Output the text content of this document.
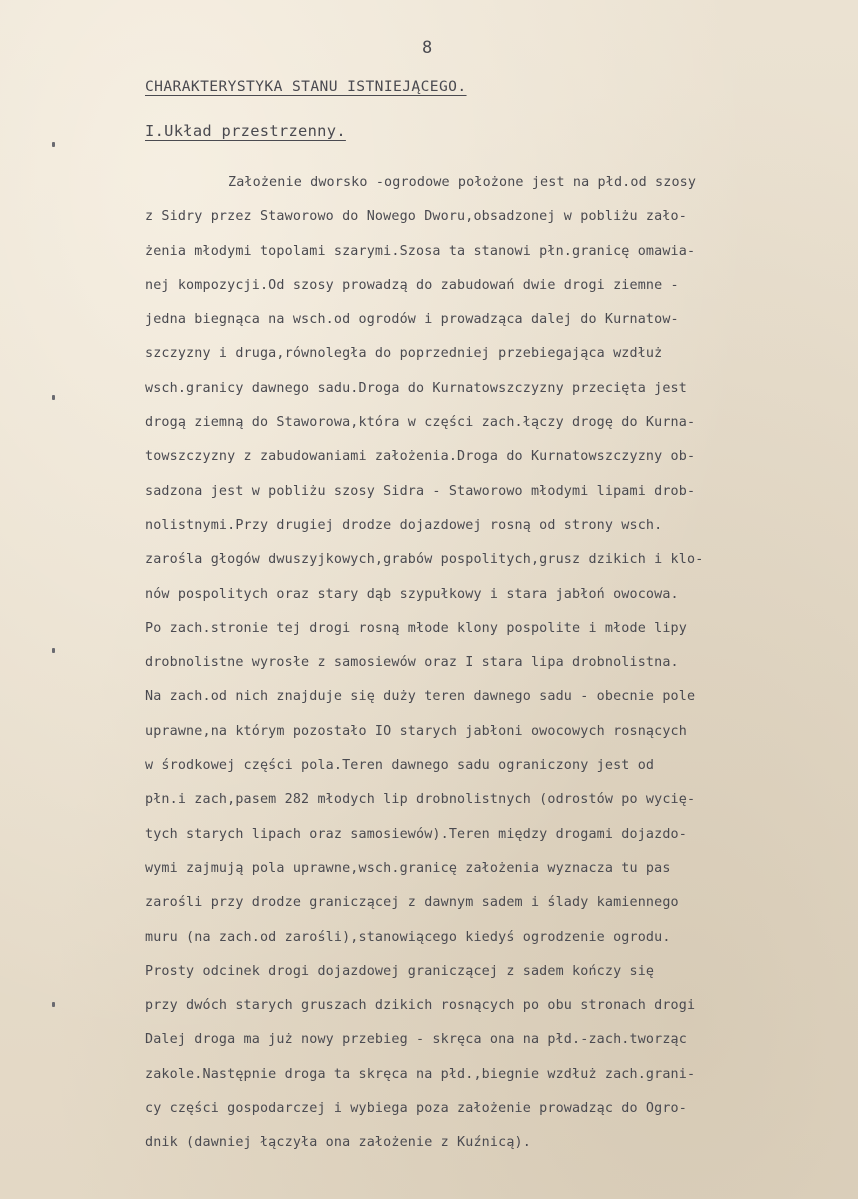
8
CHARAKTERYSTYKA STANU ISTNIEJĄCEGO.
I.Układ przestrzenny.
Założenie dworsko -ogrodowe położone jest na płd.od szosy
z Sidry przez Staworowo do Nowego Dworu,obsadzonej w pobliżu zało-
żenia młodymi topolami szarymi.Szosa ta stanowi płn.granicę omawia-
nej kompozycji.Od szosy prowadzą do zabudowań dwie drogi ziemne -
jedna biegnąca na wsch.od ogrodów i prowadząca dalej do Kurnatow-
szczyzny i druga,równoległa do poprzedniej przebiegająca wzdłuż
wsch.granicy dawnego sadu.Droga do Kurnatowszczyzny przecięta jest
drogą ziemną do Staworowa,która w części zach.łączy drogę do Kurna-
towszczyzny z zabudowaniami założenia.Droga do Kurnatowszczyzny ob-
sadzona jest w pobliżu szosy Sidra - Staworowo młodymi lipami drob-
nolistnymi.Przy drugiej drodze dojazdowej rosną od strony wsch.
zarośla głogów dwuszyjkowych,grabów pospolitych,grusz dzikich i klo-
nów pospolitych oraz stary dąb szypułkowy i stara jabłoń owocowa.
Po zach.stronie tej drogi rosną młode klony pospolite i młode lipy
drobnolistne wyrosłe z samosiewów oraz I stara lipa drobnolistna.
Na zach.od nich znajduje się duży teren dawnego sadu - obecnie pole
uprawne,na którym pozostało IO starych jabłoni owocowych rosnących
w środkowej części pola.Teren dawnego sadu ograniczony jest od
płn.i zach,pasem 282 młodych lip drobnolistnych (odrostów po wycię-
tych starych lipach oraz samosiewów).Teren między drogami dojazdo-
wymi zajmują pola uprawne,wsch.granicę założenia wyznacza tu pas
zarośli przy drodze graniczącej z dawnym sadem i ślady kamiennego
muru (na zach.od zarośli),stanowiącego kiedyś ogrodzenie ogrodu.
Prosty odcinek drogi dojazdowej graniczącej z sadem kończy się
przy dwóch starych gruszach dzikich rosnących po obu stronach drogi
Dalej droga ma już nowy przebieg - skręca ona na płd.-zach.tworząc
zakole.Następnie droga ta skręca na płd.,biegnie wzdłuż zach.grani-
cy części gospodarczej i wybiega poza założenie prowadząc do Ogro-
dnik (dawniej łączyła ona założenie z Kuźnicą).
